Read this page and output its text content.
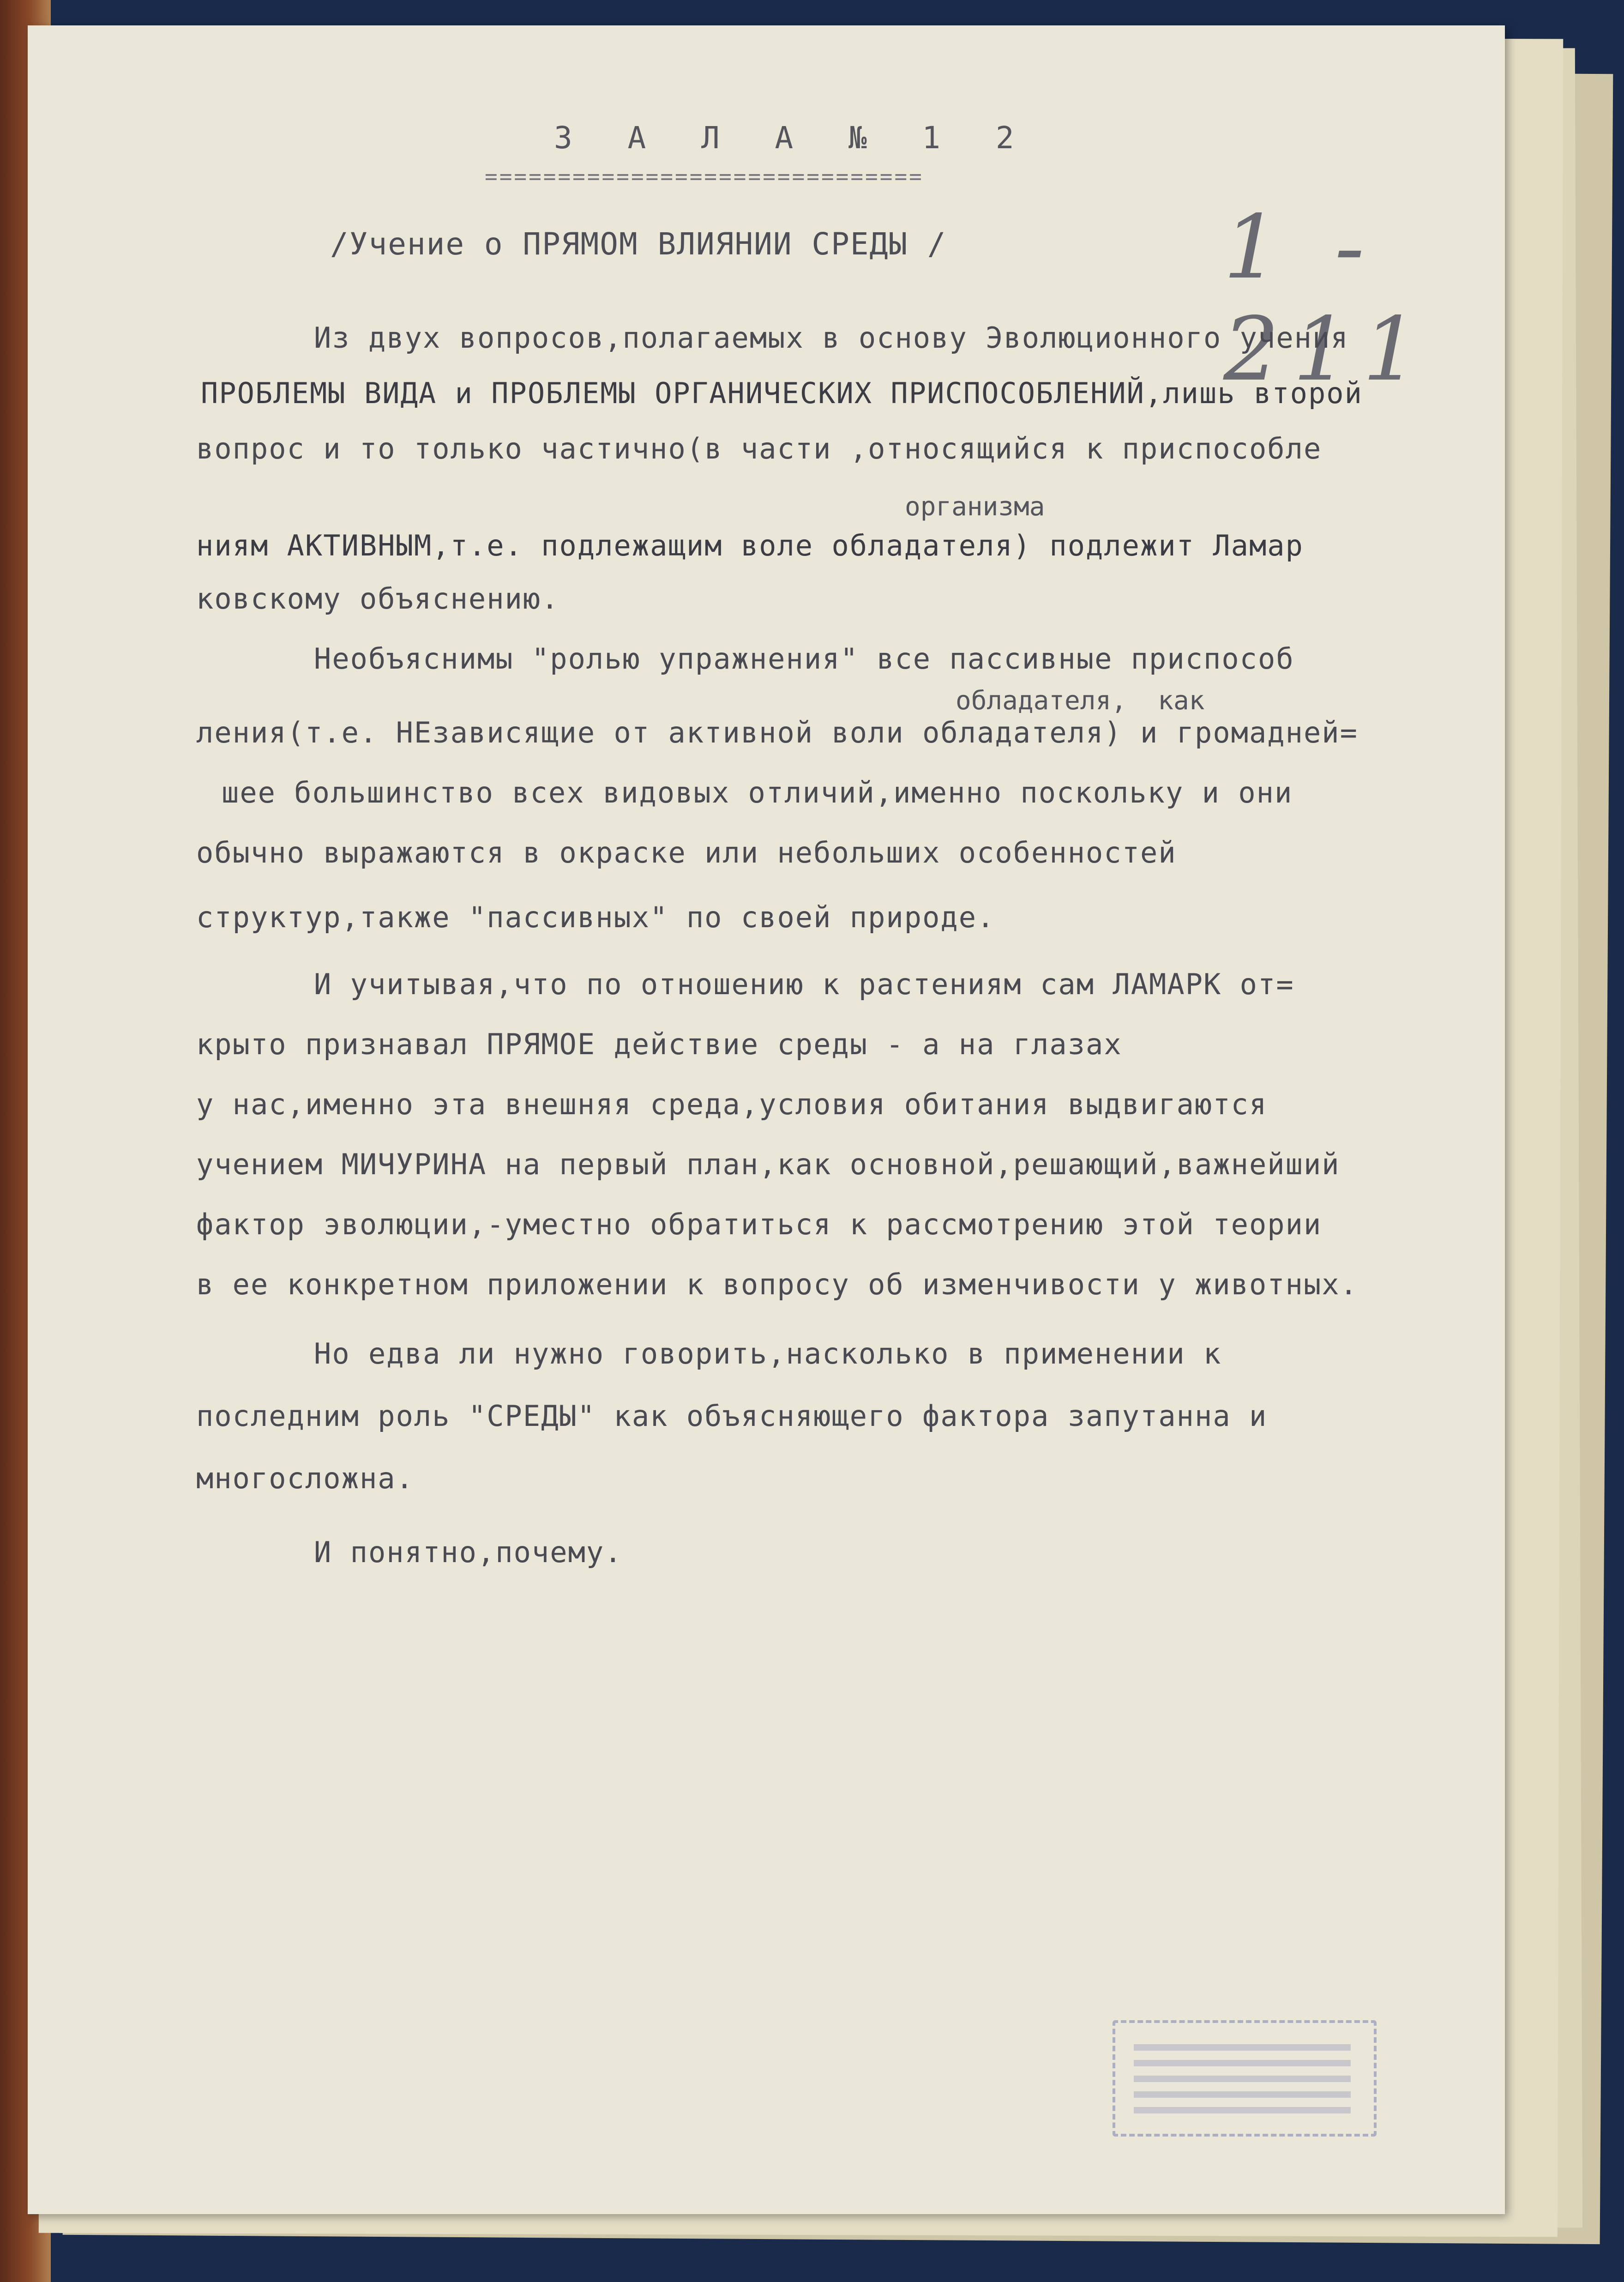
З А Л А № 1 2
==============================
/Учение о ПРЯМОМ ВЛИЯНИИ СРЕДЫ /	1 - 211
Из двух вопросов,полагаемых в основу Эволюционного учения
ПРОБЛЕМЫ ВИДА и ПРОБЛЕМЫ ОРГАНИЧЕСКИХ ПРИСПОСОБЛЕНИЙ,лишь второй
вопрос и то только частично(в части ,относящийся к приспособле
организма
ниям АКТИВНЫМ,т.е. подлежащим воле обладателя) подлежит Ламар
ковскому объяснению.
Необъяснимы "ролью упражнения" все пассивные приспособ
обладателя,  как
ления(т.е. НЕзависящие от активной воли обладателя) и громадней=
шее большинство всех видовых отличий,именно поскольку и они
обычно выражаются в окраске или небольших особенностей
структур,также "пассивных" по своей природе.
И учитывая,что по отношению к растениям сам ЛАМАРК от=
крыто признавал ПРЯМОЕ действие среды - а на глазах
у нас,именно эта внешняя среда,условия обитания выдвигаются
учением МИЧУРИНА на первый план,как основной,решающий,важнейший
фактор эволюции,-уместно обратиться к рассмотрению этой теории
в ее конкретном приложении к вопросу об изменчивости у животных.
Но едва ли нужно говорить,насколько в применении к
последним роль "СРЕДЫ" как объясняющего фактора запутанна и
многосложна.
И понятно,почему.
